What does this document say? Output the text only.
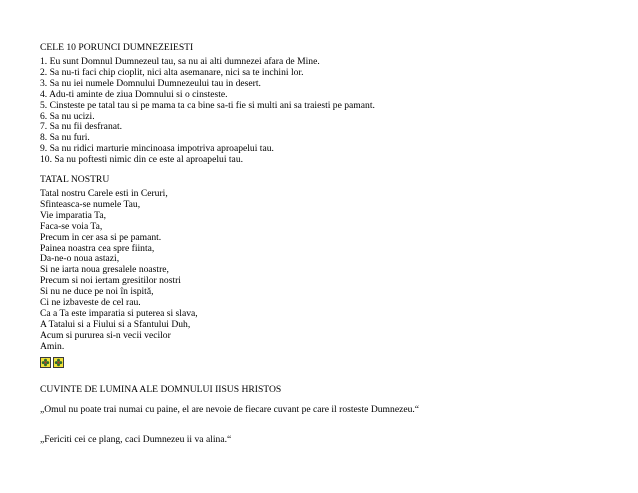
CELE 10 PORUNCI DUMNEZEIESTI
1. Eu sunt Domnul Dumnezeul tau, sa nu ai alti dumnezei afara de Mine.
2. Sa nu-ti faci chip cioplit, nici alta asemanare, nici sa te inchini lor.
3. Sa nu iei numele Domnului Dumnezeului tau in desert.
4. Adu-ti aminte de ziua Domnului si o cinsteste.
5. Cinsteste pe tatal tau si pe mama ta ca bine sa-ti fie si multi ani sa traiesti pe pamant.
6. Sa nu ucizi.
7. Sa nu fii desfranat.
8. Sa nu furi.
9. Sa nu ridici marturie mincinoasa impotriva aproapelui tau.
10. Sa nu poftesti nimic din ce este al aproapelui tau.
TATAL NOSTRU
Tatal nostru Carele esti in Ceruri,
Sfinteasca-se numele Tau,
Vie imparatia Ta,
Faca-se voia Ta,
Precum in cer asa si pe pamant.
Painea noastra cea spre fiinta,
Da-ne-o noua astazi,
Si ne iarta noua gresalele noastre,
Precum si noi iertam gresitilor nostri
Si nu ne duce pe noi în ispită,
Ci ne izbaveste de cel rau.
Ca a Ta este imparatia si puterea si slava,
A Tatalui si a Fiului si a Sfantului Duh,
Acum si pururea si-n vecii vecilor
Amin.
CUVINTE DE LUMINA ALE DOMNULUI IISUS HRISTOS
„Omul nu poate trai numai cu paine, el are nevoie de fiecare cuvant pe care il rosteste Dumnezeu.“
„Fericiti cei ce plang, caci Dumnezeu ii va alina.“
